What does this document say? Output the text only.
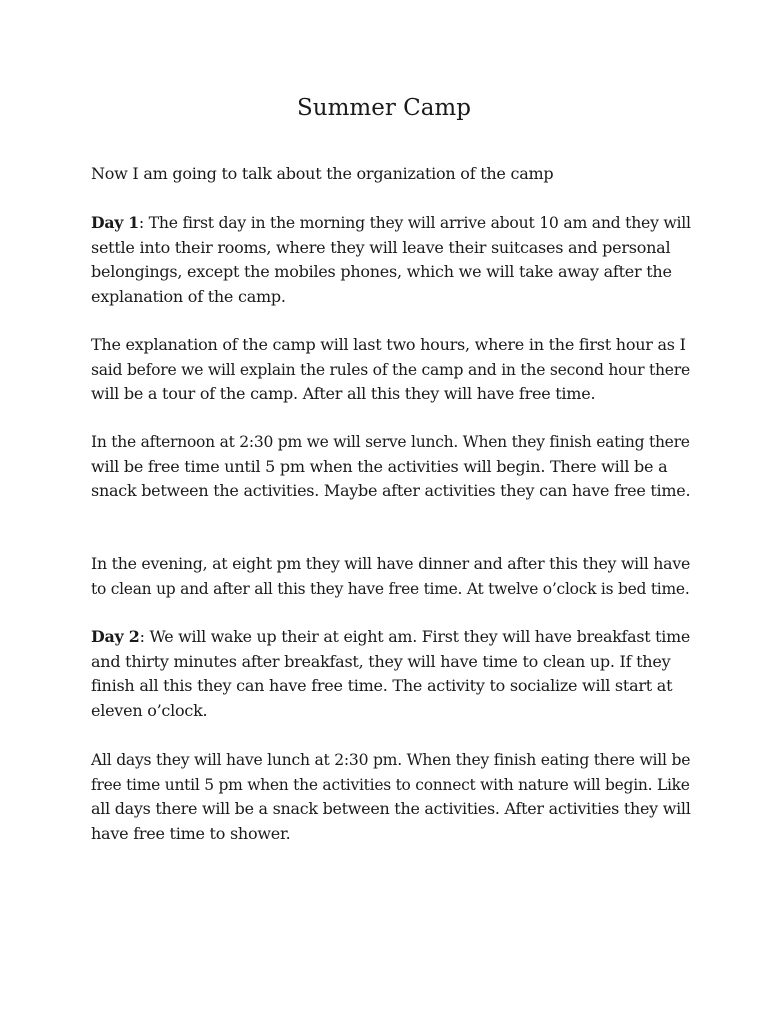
Summer Camp

Now I am going to talk about the organization of the camp

Day 1: The first day in the morning they will arrive about 10 am and they will
settle into their rooms, where they will leave their suitcases and personal
belongings, except the mobiles phones, which we will take away after the
explanation of the camp.

The explanation of the camp will last two hours, where in the first hour as I
said before we will explain the rules of the camp and in the second hour there
will be a tour of the camp. After all this they will have free time.

In the afternoon at 2:30 pm we will serve lunch. When they finish eating there
will be free time until 5 pm when the activities will begin. There will be a
snack between the activities. Maybe after activities they can have free time.

In the evening, at eight pm they will have dinner and after this they will have
to clean up and after all this they have free time. At twelve o’clock is bed time.

Day 2: We will wake up their at eight am. First they will have breakfast time
and thirty minutes after breakfast, they will have time to clean up. If they
finish all this they can have free time. The activity to socialize will start at
eleven o’clock.

All days they will have lunch at 2:30 pm. When they finish eating there will be
free time until 5 pm when the activities to connect with nature will begin. Like
all days there will be a snack between the activities. After activities they will
have free time to shower.
